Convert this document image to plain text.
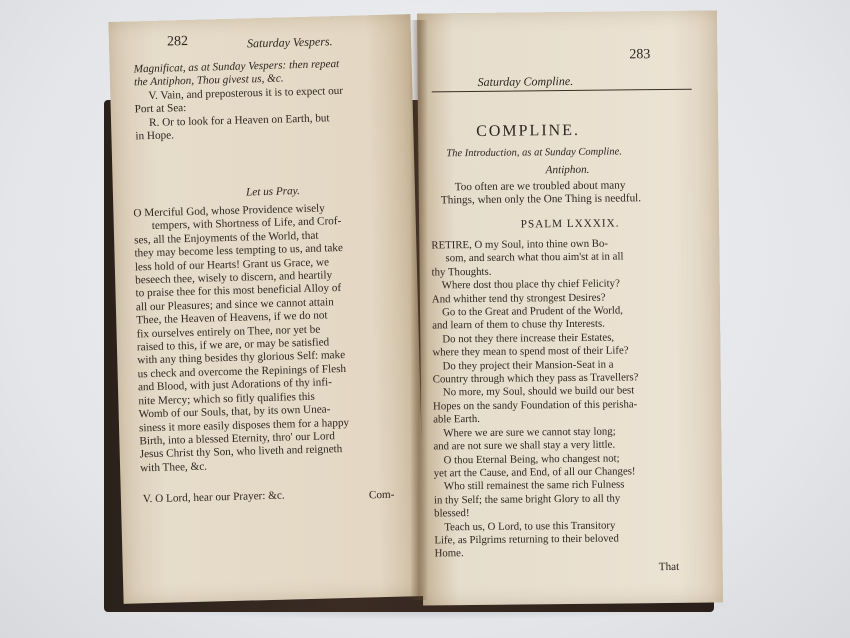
282	Saturday Vespers.

Magnificat, as at Sunday Vespers: then repeat

the Antiphon, Thou givest us, &c.

V. Vain, and preposterous it is to expect our

Port at Sea:

R. Or to look for a Heaven on Earth, but

in Hope.

Let us Pray.

O Merciful God, whose Providence wisely

tempers, with Shortness of Life, and Crof-

ses, all the Enjoyments of the World, that

they may become less tempting to us, and take

less hold of our Hearts! Grant us Grace, we

beseech thee, wisely to discern, and heartily

to praise thee for this most beneficial Alloy of

all our Pleasures; and since we cannot attain

Thee, the Heaven of Heavens, if we do not

fix ourselves entirely on Thee, nor yet be

raised to this, if we are, or may be satisfied

with any thing besides thy glorious Self: make

us check and overcome the Repinings of Flesh

and Blood, with just Adorations of thy infi-

nite Mercy; which so fitly qualifies this

Womb of our Souls, that, by its own Unea-

siness it more easily disposes them for a happy

Birth, into a blessed Eternity, thro' our Lord

Jesus Christ thy Son, who liveth and reigneth

with Thee, &c.

V. O Lord, hear our Prayer: &c.	Com-
283
Saturday Compline.
COMPLINE.
The Introduction, as at Sunday Compline.
Antiphon.

Too often are we troubled about many

Things, when only the One Thing is needful.

PSALM LXXXIX.

RETIRE, O my Soul, into thine own Bo-

som, and search what thou aim'st at in all

thy Thoughts.

Where dost thou place thy chief Felicity?

And whither tend thy strongest Desires?

Go to the Great and Prudent of the World,

and learn of them to chuse thy Interests.

Do not they there increase their Estates,

where they mean to spend most of their Life?

Do they project their Mansion-Seat in a

Country through which they pass as Travellers?

No more, my Soul, should we build our best

Hopes on the sandy Foundation of this perisha-

able Earth.

Where we are sure we cannot stay long;

and are not sure we shall stay a very little.

O thou Eternal Being, who changest not;

yet art the Cause, and End, of all our Changes!

Who still remainest the same rich Fulness

in thy Self; the same bright Glory to all thy

blessed!

Teach us, O Lord, to use this Transitory

Life, as Pilgrims returning to their beloved

Home.

That
